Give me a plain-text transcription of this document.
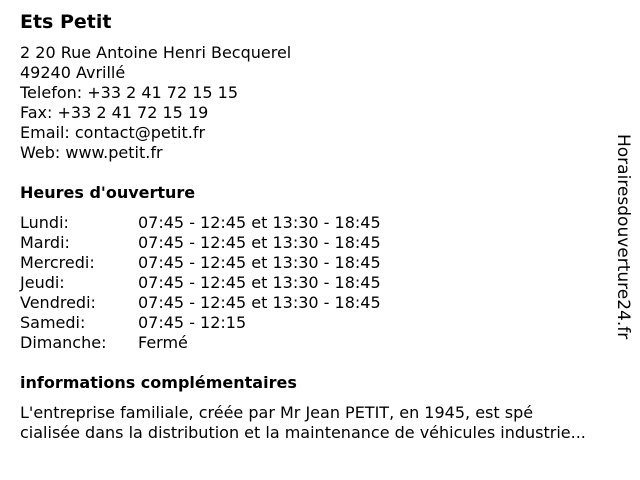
Ets Petit
2 20 Rue Antoine Henri Becquerel
49240 Avrillé
Telefon: +33 2 41 72 15 15
Fax: +33 2 41 72 15 19
Email: contact@petit.fr
Web: www.petit.fr
Heures d'ouverture
Lundi:	07:45 - 12:45 et 13:30 - 18:45
Mardi:	07:45 - 12:45 et 13:30 - 18:45
Mercredi:	07:45 - 12:45 et 13:30 - 18:45
Jeudi:	07:45 - 12:45 et 13:30 - 18:45
Vendredi:	07:45 - 12:45 et 13:30 - 18:45
Samedi:	07:45 - 12:15
Dimanche: Fermé
informations complémentaires
L'entreprise familiale, créée par Mr Jean PETIT, en 1945, est spé
cialisée dans la distribution et la maintenance de véhicules industrie...
Horairesdouverture24.fr
